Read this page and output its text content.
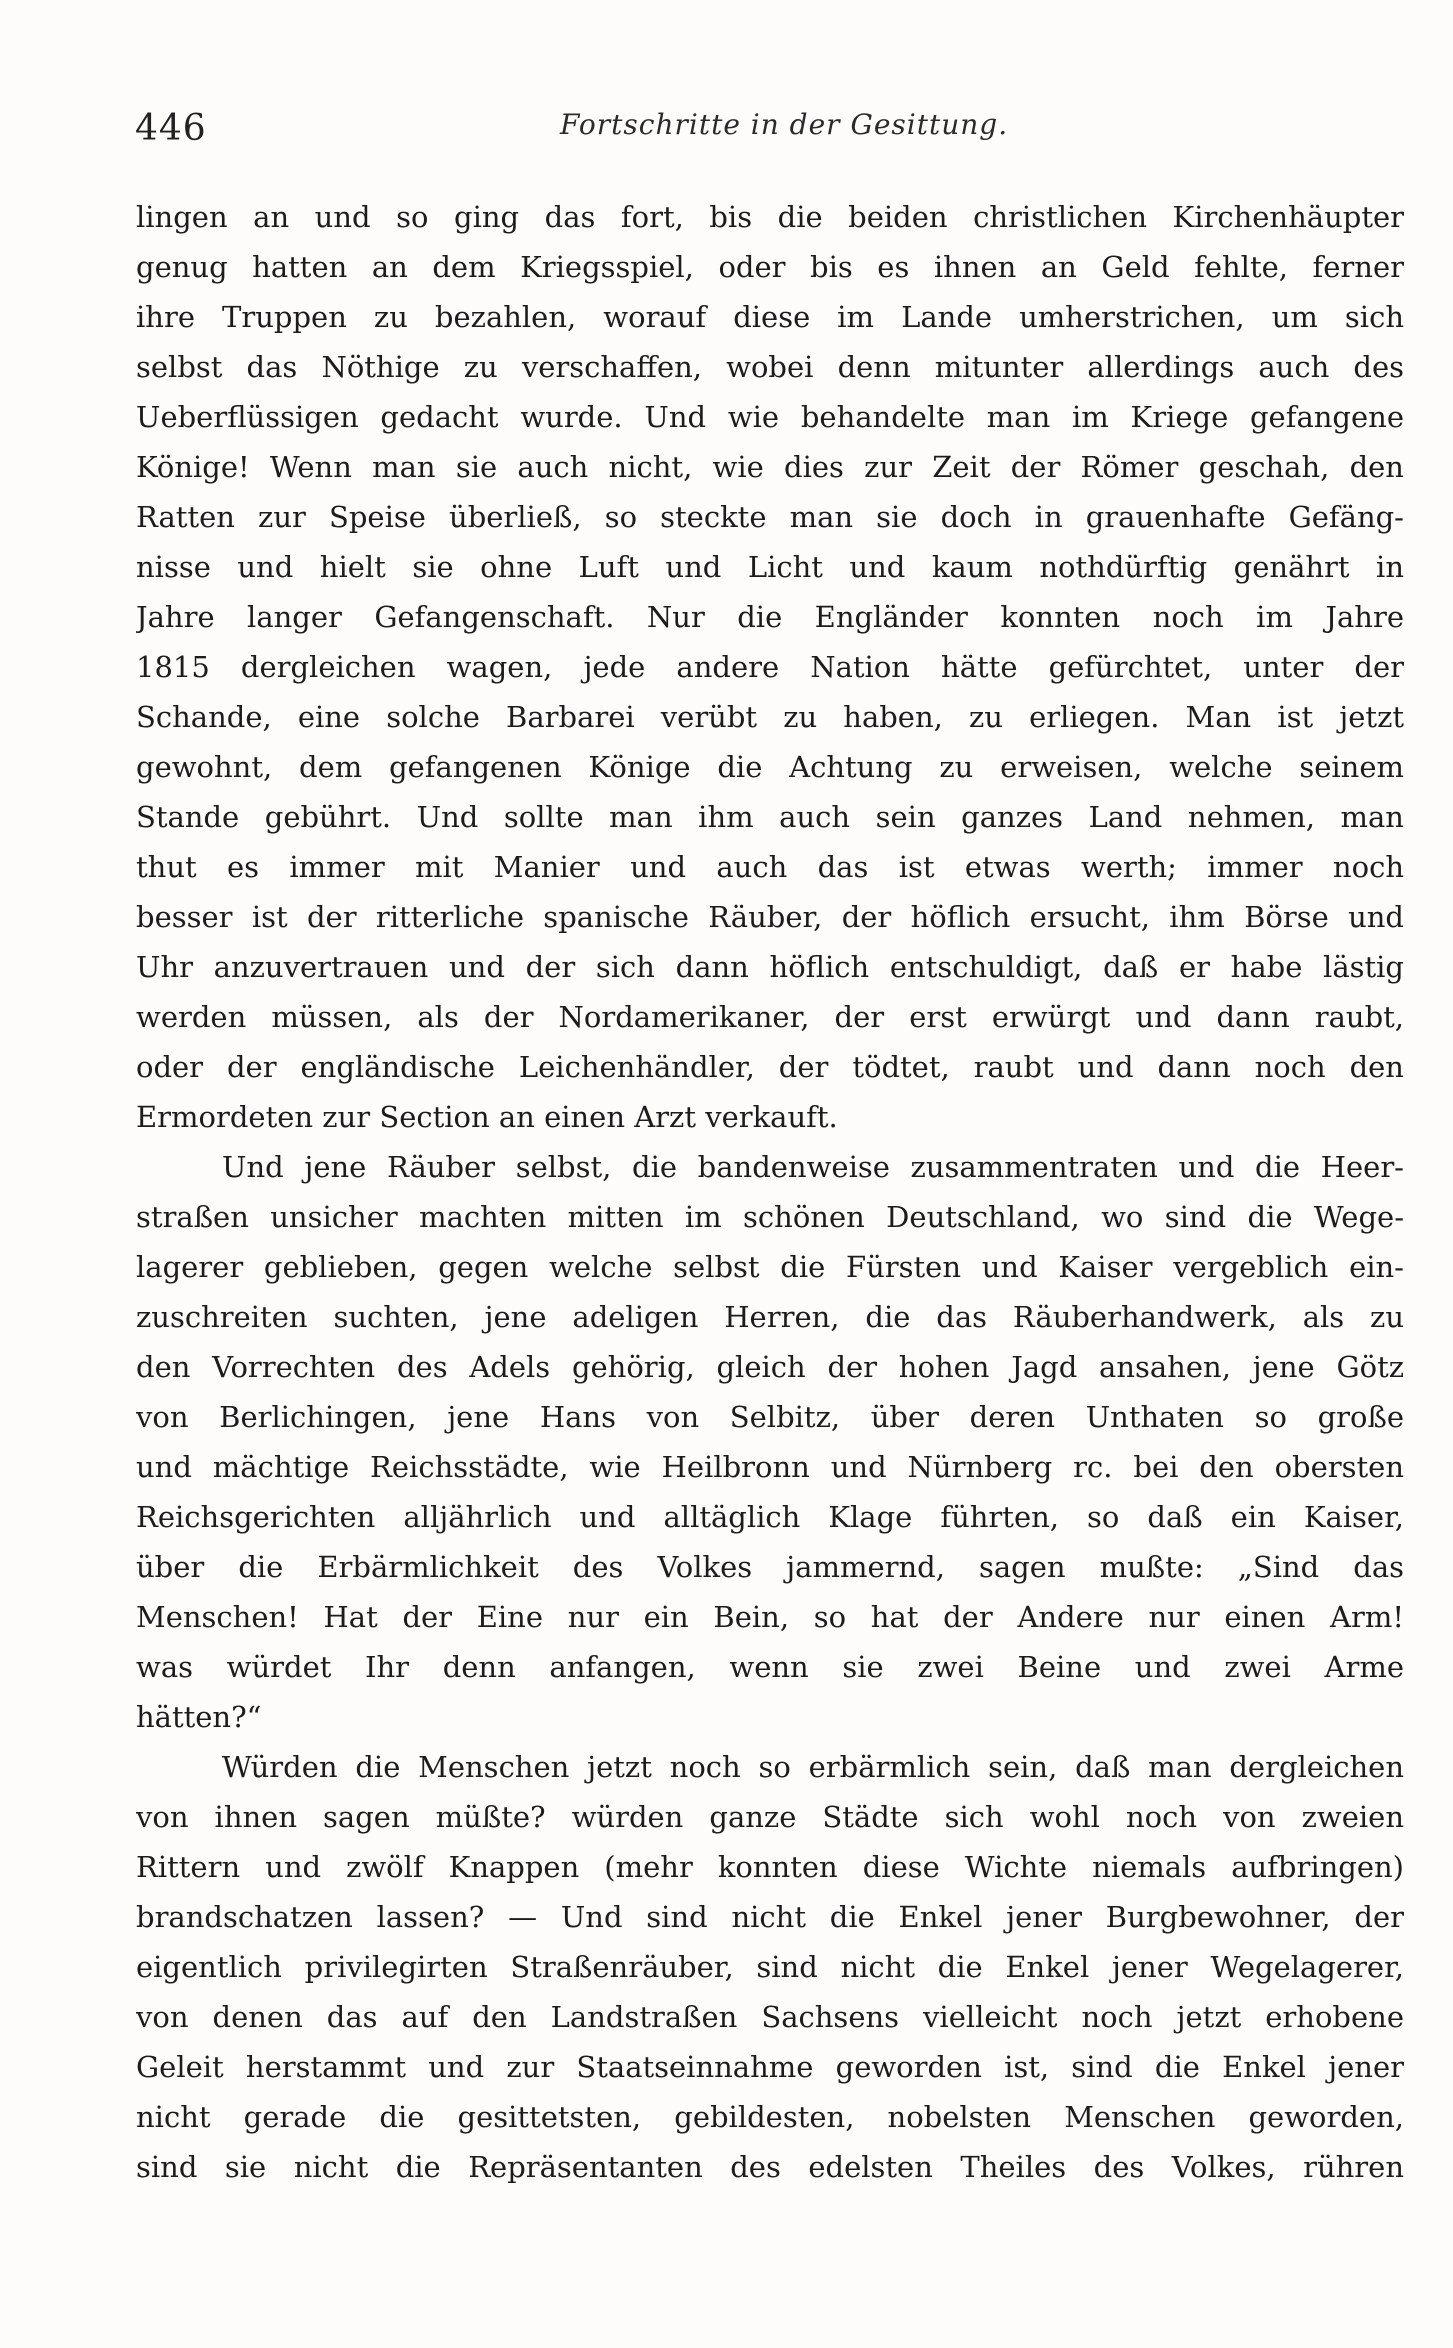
446	Fortschritte in der Gesittung.
lingen an und so ging das fort, bis die beiden christlichen Kirchenhäupter
genug hatten an dem Kriegsspiel, oder bis es ihnen an Geld fehlte, ferner
ihre Truppen zu bezahlen, worauf diese im Lande umherstrichen, um sich
selbst das Nöthige zu verschaffen, wobei denn mitunter allerdings auch des
Ueberflüssigen gedacht wurde. Und wie behandelte man im Kriege gefangene
Könige! Wenn man sie auch nicht, wie dies zur Zeit der Römer geschah, den
Ratten zur Speise überließ, so steckte man sie doch in grauenhafte Gefäng-
nisse und hielt sie ohne Luft und Licht und kaum nothdürftig genährt in
Jahre langer Gefangenschaft. Nur die Engländer konnten noch im Jahre
1815 dergleichen wagen, jede andere Nation hätte gefürchtet, unter der
Schande, eine solche Barbarei verübt zu haben, zu erliegen. Man ist jetzt
gewohnt, dem gefangenen Könige die Achtung zu erweisen, welche seinem
Stande gebührt. Und sollte man ihm auch sein ganzes Land nehmen, man
thut es immer mit Manier und auch das ist etwas werth; immer noch
besser ist der ritterliche spanische Räuber, der höflich ersucht, ihm Börse und
Uhr anzuvertrauen und der sich dann höflich entschuldigt, daß er habe lästig
werden müssen, als der Nordamerikaner, der erst erwürgt und dann raubt,
oder der engländische Leichenhändler, der tödtet, raubt und dann noch den
Ermordeten zur Section an einen Arzt verkauft.
Und jene Räuber selbst, die bandenweise zusammentraten und die Heer-
straßen unsicher machten mitten im schönen Deutschland, wo sind die Wege-
lagerer geblieben, gegen welche selbst die Fürsten und Kaiser vergeblich ein-
zuschreiten suchten, jene adeligen Herren, die das Räuberhandwerk, als zu
den Vorrechten des Adels gehörig, gleich der hohen Jagd ansahen, jene Götz
von Berlichingen, jene Hans von Selbitz, über deren Unthaten so große
und mächtige Reichsstädte, wie Heilbronn und Nürnberg rc. bei den obersten
Reichsgerichten alljährlich und alltäglich Klage führten, so daß ein Kaiser,
über die Erbärmlichkeit des Volkes jammernd, sagen mußte: „Sind das
Menschen! Hat der Eine nur ein Bein, so hat der Andere nur einen Arm!
was würdet Ihr denn anfangen, wenn sie zwei Beine und zwei Arme
hätten?“
Würden die Menschen jetzt noch so erbärmlich sein, daß man dergleichen
von ihnen sagen müßte? würden ganze Städte sich wohl noch von zweien
Rittern und zwölf Knappen (mehr konnten diese Wichte niemals aufbringen)
brandschatzen lassen? — Und sind nicht die Enkel jener Burgbewohner, der
eigentlich privilegirten Straßenräuber, sind nicht die Enkel jener Wegelagerer,
von denen das auf den Landstraßen Sachsens vielleicht noch jetzt erhobene
Geleit herstammt und zur Staatseinnahme geworden ist, sind die Enkel jener
nicht gerade die gesittetsten, gebildesten, nobelsten Menschen geworden,
sind sie nicht die Repräsentanten des edelsten Theiles des Volkes, rühren
